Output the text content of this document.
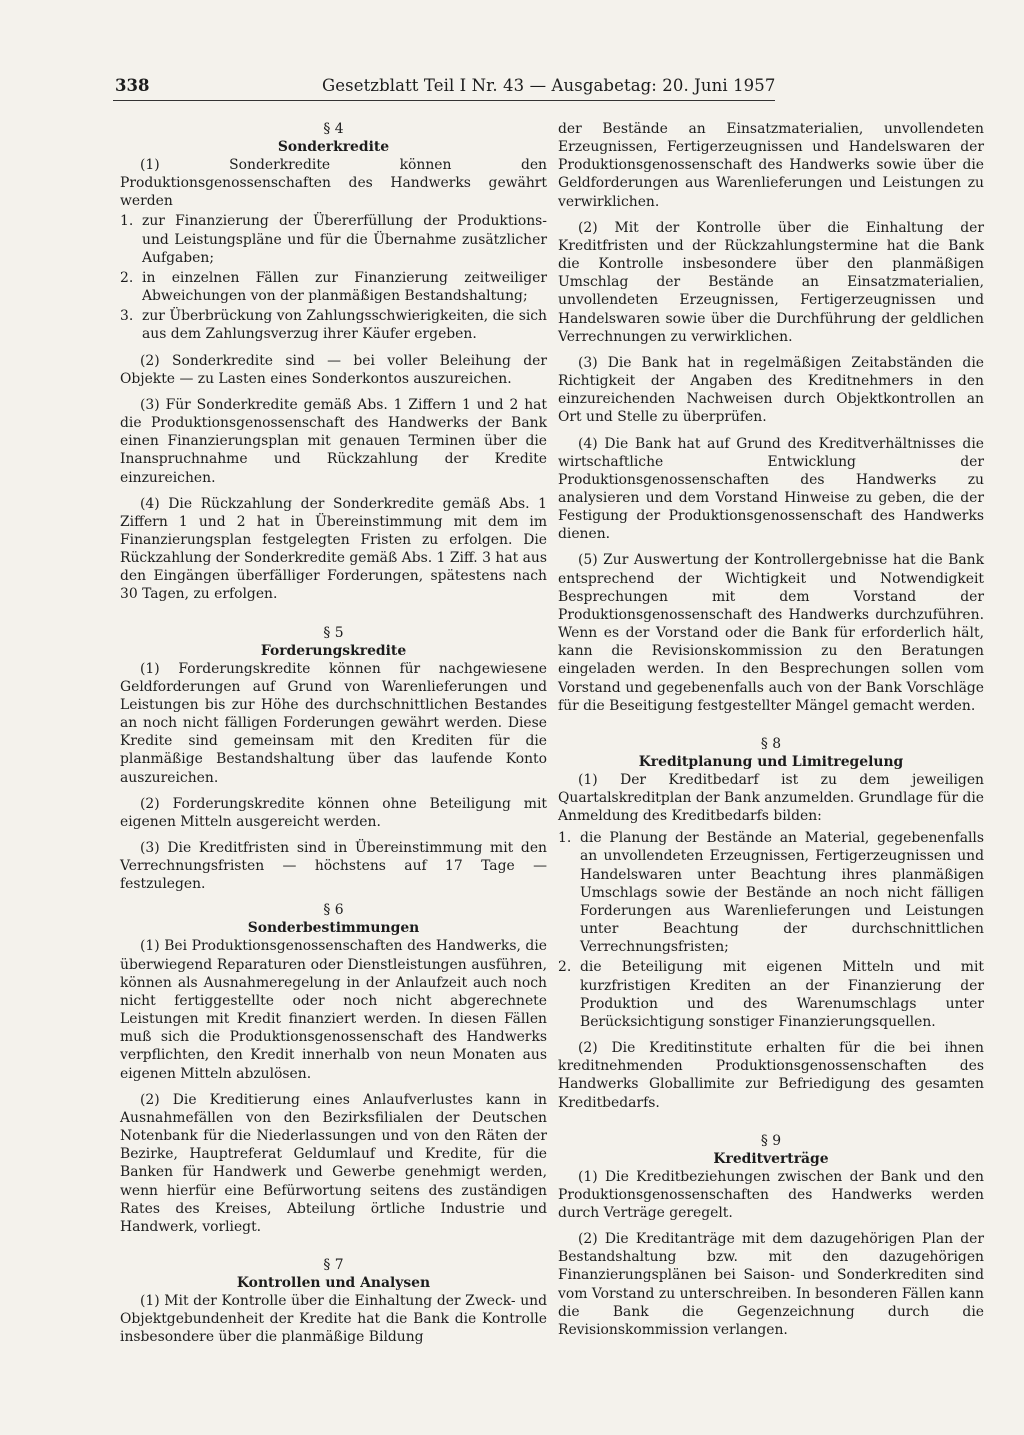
338	Gesetzblatt Teil I Nr. 43 — Ausgabetag: 20. Juni 1957

§ 4

Sonderkredite

(1) Sonderkredite können den Produktionsgenossenschaften des Handwerks gewährt werden

1. zur Finanzierung der Übererfüllung der Produktions- und Leistungspläne und für die Übernahme zusätzlicher Aufgaben;
2. in einzelnen Fällen zur Finanzierung zeitweiliger Abweichungen von der planmäßigen Bestandshaltung;
3. zur Überbrückung von Zahlungsschwierigkeiten, die sich aus dem Zahlungsverzug ihrer Käufer ergeben.

(2) Sonderkredite sind — bei voller Beleihung der Objekte — zu Lasten eines Sonderkontos auszureichen.

(3) Für Sonderkredite gemäß Abs. 1 Ziffern 1 und 2 hat die Produktionsgenossenschaft des Handwerks der Bank einen Finanzierungsplan mit genauen Terminen über die Inanspruchnahme und Rückzahlung der Kredite einzureichen.

(4) Die Rückzahlung der Sonderkredite gemäß Abs. 1 Ziffern 1 und 2 hat in Übereinstimmung mit dem im Finanzierungsplan festgelegten Fristen zu erfolgen. Die Rückzahlung der Sonderkredite gemäß Abs. 1 Ziff. 3 hat aus den Eingängen überfälliger Forderungen, spätestens nach 30 Tagen, zu erfolgen.

§ 5

Forderungskredite

(1) Forderungskredite können für nachgewiesene Geldforderungen auf Grund von Warenlieferungen und Leistungen bis zur Höhe des durchschnittlichen Bestandes an noch nicht fälligen Forderungen gewährt werden. Diese Kredite sind gemeinsam mit den Krediten für die planmäßige Bestandshaltung über das laufende Konto auszureichen.

(2) Forderungskredite können ohne Beteiligung mit eigenen Mitteln ausgereicht werden.

(3) Die Kreditfristen sind in Übereinstimmung mit den Verrechnungsfristen — höchstens auf 17 Tage — festzulegen.

§ 6

Sonderbestimmungen

(1) Bei Produktionsgenossenschaften des Handwerks, die überwiegend Reparaturen oder Dienstleistungen ausführen, können als Ausnahmeregelung in der Anlaufzeit auch noch nicht fertiggestellte oder noch nicht abgerechnete Leistungen mit Kredit finanziert werden. In diesen Fällen muß sich die Produktionsgenossenschaft des Handwerks verpflichten, den Kredit innerhalb von neun Monaten aus eigenen Mitteln abzulösen.

(2) Die Kreditierung eines Anlaufverlustes kann in Ausnahmefällen von den Bezirksfilialen der Deutschen Notenbank für die Niederlassungen und von den Räten der Bezirke, Hauptreferat Geldumlauf und Kredite, für die Banken für Handwerk und Gewerbe genehmigt werden, wenn hierfür eine Befürwortung seitens des zuständigen Rates des Kreises, Abteilung örtliche Industrie und Handwerk, vorliegt.

§ 7

Kontrollen und Analysen

(1) Mit der Kontrolle über die Einhaltung der Zweck- und Objektgebundenheit der Kredite hat die Bank die Kontrolle insbesondere über die planmäßige Bildung

der Bestände an Einsatzmaterialien, unvollendeten Erzeugnissen, Fertigerzeugnissen und Handelswaren der Produktionsgenossenschaft des Handwerks sowie über die Geldforderungen aus Warenlieferungen und Leistungen zu verwirklichen.

(2) Mit der Kontrolle über die Einhaltung der Kreditfristen und der Rückzahlungstermine hat die Bank die Kontrolle insbesondere über den planmäßigen Umschlag der Bestände an Einsatzmaterialien, unvollendeten Erzeugnissen, Fertigerzeugnissen und Handelswaren sowie über die Durchführung der geldlichen Verrechnungen zu verwirklichen.

(3) Die Bank hat in regelmäßigen Zeitabständen die Richtigkeit der Angaben des Kreditnehmers in den einzureichenden Nachweisen durch Objektkontrollen an Ort und Stelle zu überprüfen.

(4) Die Bank hat auf Grund des Kreditverhältnisses die wirtschaftliche Entwicklung der Produktionsgenossenschaften des Handwerks zu analysieren und dem Vorstand Hinweise zu geben, die der Festigung der Produktionsgenossenschaft des Handwerks dienen.

(5) Zur Auswertung der Kontrollergebnisse hat die Bank entsprechend der Wichtigkeit und Notwendigkeit Besprechungen mit dem Vorstand der Produktionsgenossenschaft des Handwerks durchzuführen. Wenn es der Vorstand oder die Bank für erforderlich hält, kann die Revisionskommission zu den Beratungen eingeladen werden. In den Besprechungen sollen vom Vorstand und gegebenenfalls auch von der Bank Vorschläge für die Beseitigung festgestellter Mängel gemacht werden.

§ 8

Kreditplanung und Limitregelung

(1) Der Kreditbedarf ist zu dem jeweiligen Quartalskreditplan der Bank anzumelden. Grundlage für die Anmeldung des Kreditbedarfs bilden:

1. die Planung der Bestände an Material, gegebenenfalls an unvollendeten Erzeugnissen, Fertigerzeugnissen und Handelswaren unter Beachtung ihres planmäßigen Umschlags sowie der Bestände an noch nicht fälligen Forderungen aus Warenlieferungen und Leistungen unter Beachtung der durchschnittlichen Verrechnungsfristen;
2. die Beteiligung mit eigenen Mitteln und mit kurzfristigen Krediten an der Finanzierung der Produktion und des Warenumschlags unter Berücksichtigung sonstiger Finanzierungsquellen.

(2) Die Kreditinstitute erhalten für die bei ihnen kreditnehmenden Produktionsgenossenschaften des Handwerks Globallimite zur Befriedigung des gesamten Kreditbedarfs.

§ 9

Kreditverträge

(1) Die Kreditbeziehungen zwischen der Bank und den Produktionsgenossenschaften des Handwerks werden durch Verträge geregelt.

(2) Die Kreditanträge mit dem dazugehörigen Plan der Bestandshaltung bzw. mit den dazugehörigen Finanzierungsplänen bei Saison- und Sonderkrediten sind vom Vorstand zu unterschreiben. In besonderen Fällen kann die Bank die Gegenzeichnung durch die Revisionskommission verlangen.
